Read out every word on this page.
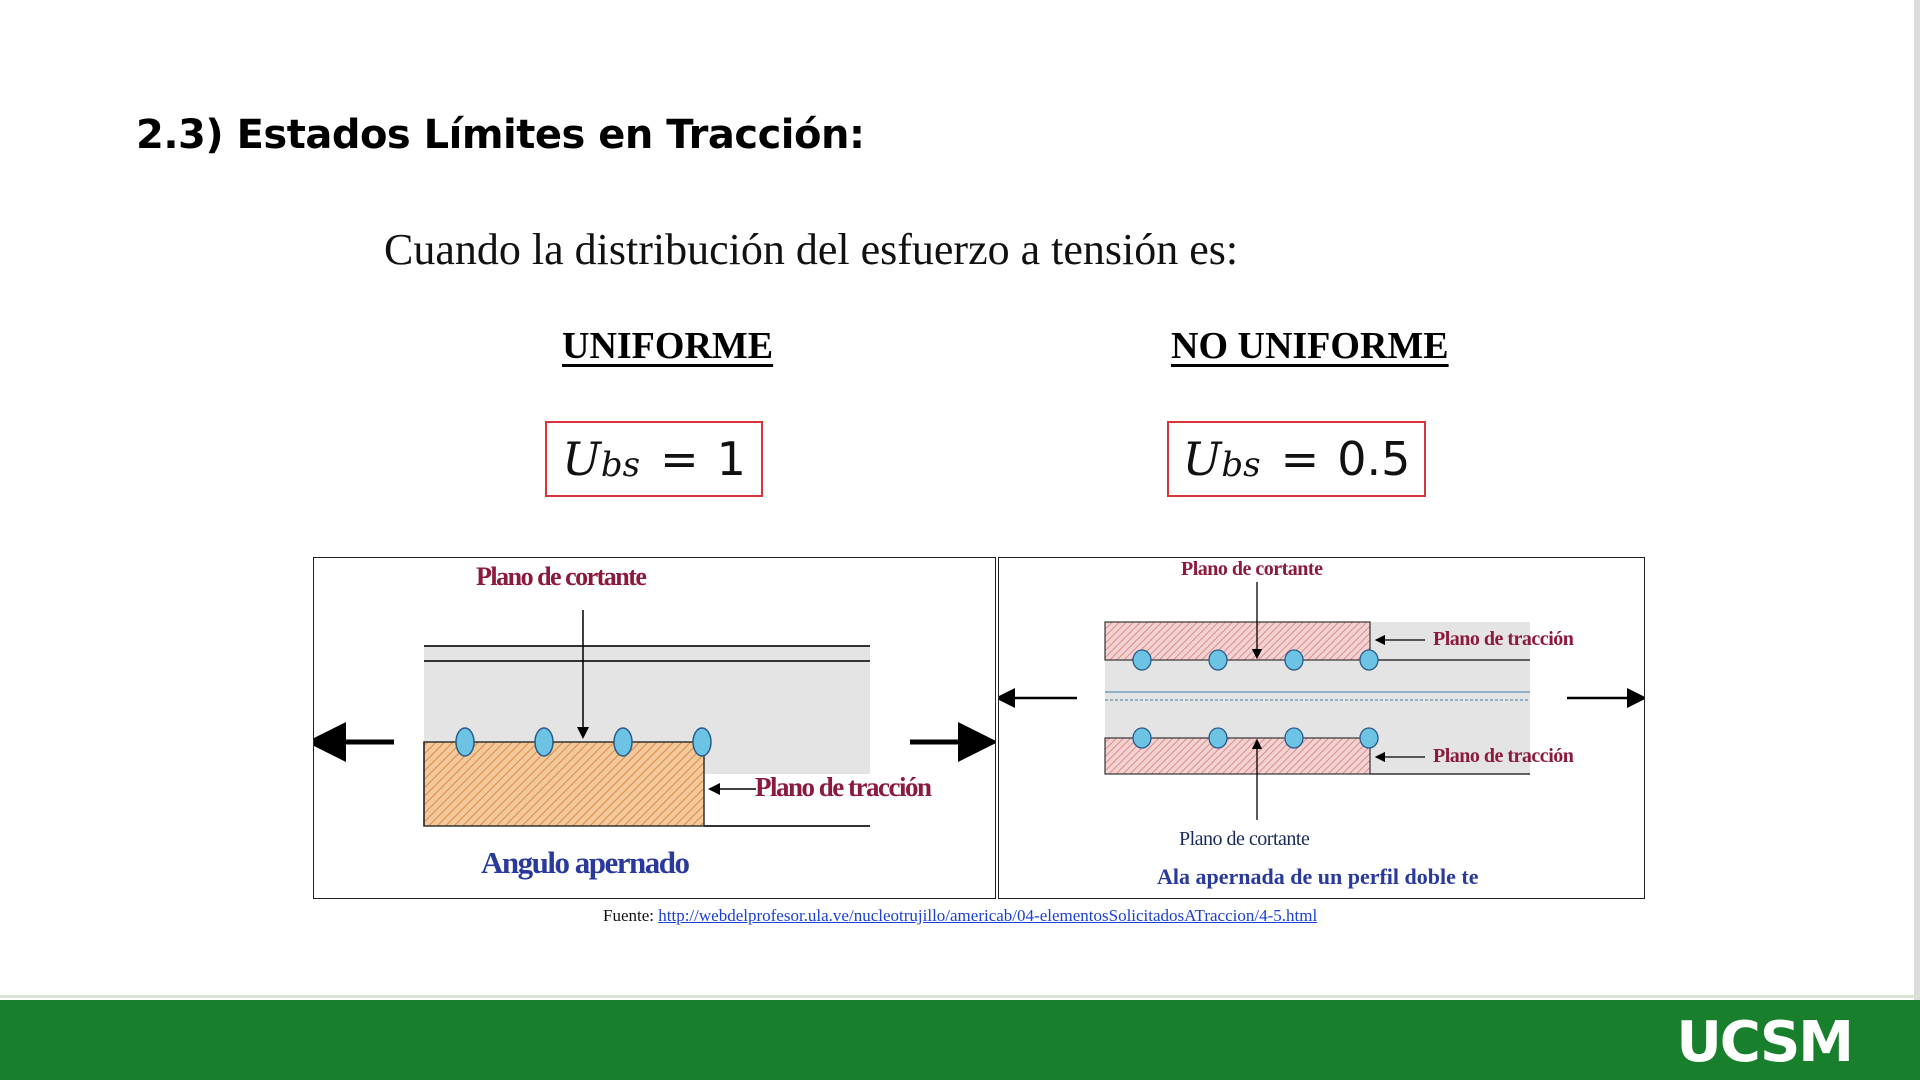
2.3) Estados Límites en Tracción:
Cuando la distribución del esfuerzo a tensión es:
UNIFORME	NO UNIFORME
$U_{bs} = 1$	$U_{bs} = 0.5$
Plano de cortante
Plano de tracción
Angulo apernado
Plano de cortante
Plano de tracción
Plano de tracción
Plano de cortante
Ala apernada de un perfil doble te
Fuente: http://webdelprofesor.ula.ve/nucleotrujillo/americab/04-elementosSolicitadosATraccion/4-5.html
UCSM
